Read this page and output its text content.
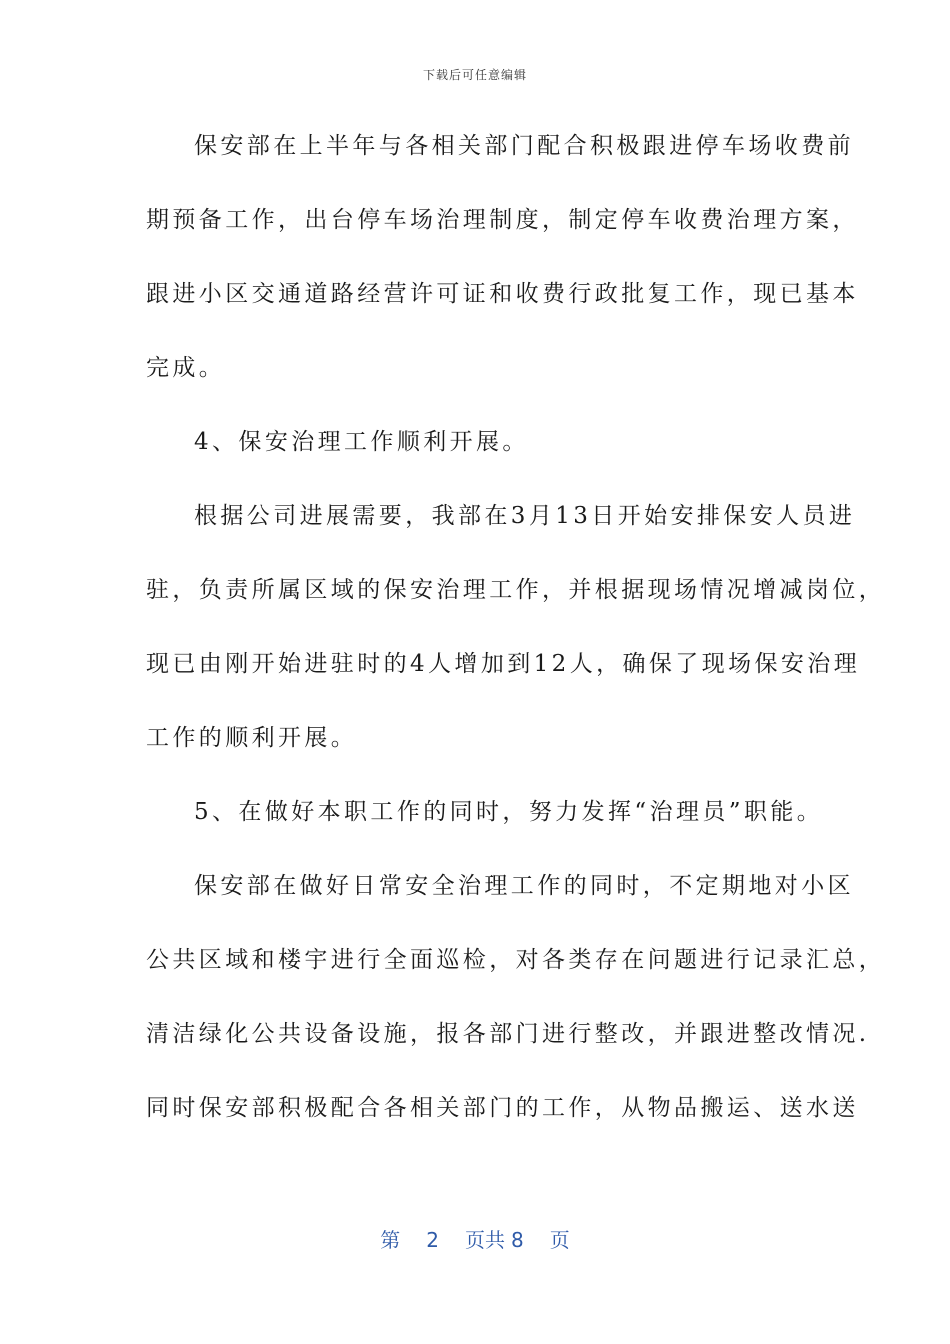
下载后可任意编辑
保安部在上半年与各相关部门配合积极跟进停车场收费前
期预备工作，出台停车场治理制度，制定停车收费治理方案，
跟进小区交通道路经营许可证和收费行政批复工作，现已基本
完成。
4、保安治理工作顺利开展。
根据公司进展需要，我部在3月13日开始安排保安人员进
驻，负责所属区域的保安治理工作，并根据现场情况增减岗位，
现已由刚开始进驻时的4人增加到12人，确保了现场保安治理
工作的顺利开展。
5、在做好本职工作的同时，努力发挥“治理员”职能。
保安部在做好日常安全治理工作的同时，不定期地对小区
公共区域和楼宇进行全面巡检，对各类存在问题进行记录汇总，
清洁绿化公共设备设施，报各部门进行整改，并跟进整改情况.
同时保安部积极配合各相关部门的工作，从物品搬运、送水送
第 2 页共 8 页
